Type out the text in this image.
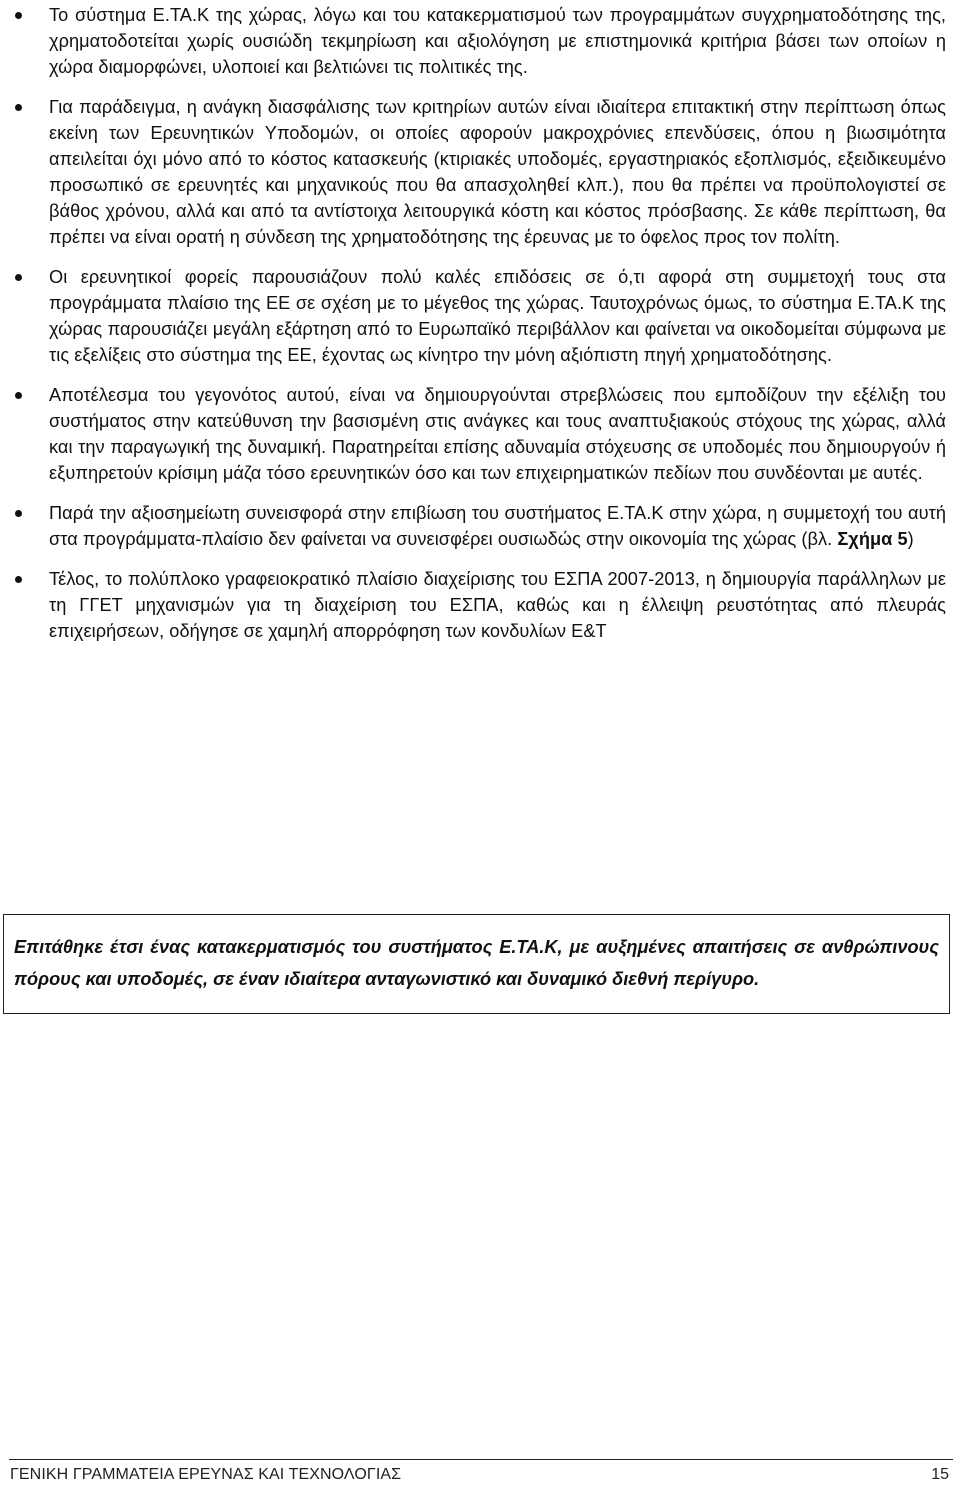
Το σύστημα Ε.ΤΑ.Κ της χώρας, λόγω και του κατακερματισμού των προγραμμάτων συγχρηματοδότησης της, χρηματοδοτείται χωρίς ουσιώδη τεκμηρίωση και αξιολόγηση με επιστημονικά κριτήρια βάσει των οποίων η χώρα διαμορφώνει, υλοποιεί και βελτιώνει τις πολιτικές της.
Για παράδειγμα, η ανάγκη διασφάλισης των κριτηρίων αυτών είναι ιδιαίτερα επιτακτική στην περίπτωση όπως εκείνη των Ερευνητικών Υποδομών, οι οποίες αφορούν μακροχρόνιες επενδύσεις, όπου η βιωσιμότητα απειλείται όχι μόνο από το κόστος κατασκευής (κτιριακές υποδομές, εργαστηριακός εξοπλισμός, εξειδικευμένο προσωπικό σε ερευνητές και μηχανικούς που θα απασχοληθεί κλπ.), που θα πρέπει να προϋπολογιστεί σε βάθος χρόνου, αλλά και από τα αντίστοιχα λειτουργικά κόστη και κόστος πρόσβασης. Σε κάθε περίπτωση, θα πρέπει να είναι ορατή η σύνδεση της χρηματοδότησης της έρευνας με το όφελος προς τον πολίτη.
Οι ερευνητικοί φορείς παρουσιάζουν πολύ καλές επιδόσεις σε ό,τι αφορά στη συμμετοχή τους στα προγράμματα πλαίσιο της ΕΕ σε σχέση με το μέγεθος της χώρας. Ταυτοχρόνως όμως, το σύστημα Ε.ΤΑ.Κ της χώρας παρουσιάζει μεγάλη εξάρτηση από το Ευρωπαϊκό περιβάλλον και φαίνεται να οικοδομείται σύμφωνα με τις εξελίξεις στο σύστημα της ΕΕ, έχοντας ως κίνητρο την μόνη αξιόπιστη πηγή χρηματοδότησης.
Αποτέλεσμα του γεγονότος αυτού, είναι να δημιουργούνται στρεβλώσεις που εμποδίζουν την εξέλιξη του συστήματος στην κατεύθυνση την βασισμένη στις ανάγκες και τους αναπτυξιακούς στόχους της χώρας, αλλά και την παραγωγική της δυναμική. Παρατηρείται επίσης αδυναμία στόχευσης σε υποδομές που δημιουργούν ή εξυπηρετούν κρίσιμη μάζα τόσο ερευνητικών όσο και των επιχειρηματικών πεδίων που συνδέονται με αυτές.
Παρά την αξιοσημείωτη συνεισφορά στην επιβίωση του συστήματος Ε.ΤΑ.Κ στην χώρα, η συμμετοχή του αυτή στα προγράμματα-πλαίσιο δεν φαίνεται να συνεισφέρει ουσιωδώς στην οικονομία της χώρας (βλ. Σχήμα 5)
Τέλος, το πολύπλοκο γραφειοκρατικό πλαίσιο διαχείρισης του ΕΣΠΑ 2007-2013, η δημιουργία παράλληλων με τη ΓΓΕΤ μηχανισμών για τη διαχείριση του ΕΣΠΑ, καθώς και η έλλειψη ρευστότητας από πλευράς επιχειρήσεων, οδήγησε σε χαμηλή απορρόφηση των κονδυλίων Ε&Τ
Επιτάθηκε έτσι ένας κατακερματισμός του συστήματος Ε.ΤΑ.Κ, με αυξημένες απαιτήσεις σε ανθρώπινους πόρους και υποδομές, σε έναν ιδιαίτερα ανταγωνιστικό και δυναμικό διεθνή περίγυρο.
ΓΕΝΙΚΗ ΓΡΑΜΜΑΤΕΙΑ ΕΡΕΥΝΑΣ ΚΑΙ ΤΕΧΝΟΛΟΓΙΑΣ	15
